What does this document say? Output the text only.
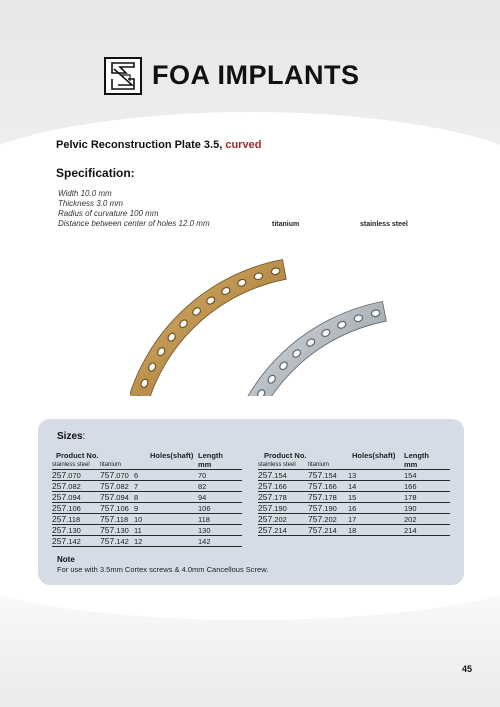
FOA IMPLANTS
Pelvic Reconstruction Plate 3.5, curved
Specification:
Width 10.0 mm
Thickness 3.0 mm
Radius of curvature 100 mm
Distance between center of holes 12.0 mm	titanium	stainless steel
Sizes:
Product No.		Holes(shaft)	Length
stainless steel	titanium		mm
257.070	757.070	6	70
257.082	757.082	7	82
257.094	757.094	8	94
257.106	757.106	9	106
257.118	757.118	10	118
257.130	757.130	11	130
257.142	757.142	12	142
Product No.		Holes(shaft)	Length
stainless steel	titanium		mm
257.154	757.154	13	154
257.166	757.166	14	166
257.178	757.178	15	178
257.190	757.190	16	190
257.202	757.202	17	202
257.214	757.214	18	214
Note
For use with 3.5mm Cortex screws & 4.0mm Cancellous Screw.
45
